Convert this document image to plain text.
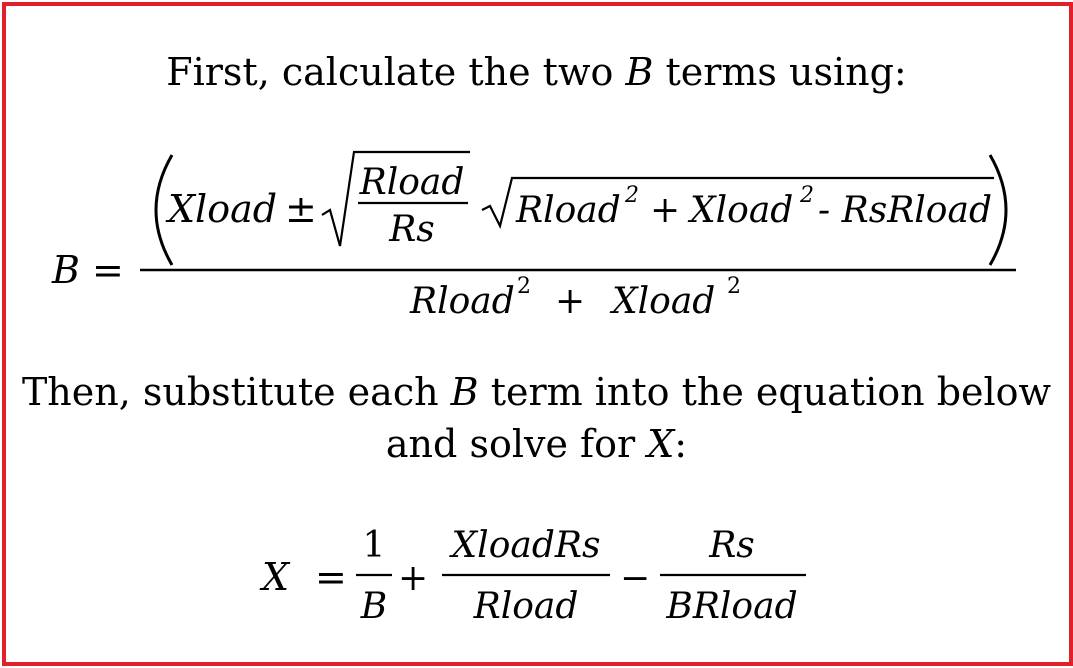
First, calculate the two B terms using:
B =
Xload ±
Rload
Rs Rload 2 + Xload 2 - RsRload
Rload 2 + Xload 2
Then, substitute each B term into the equation below
and solve for X:
X =
1
B
+
XloadRs
Rload
−
Rs
BRload
